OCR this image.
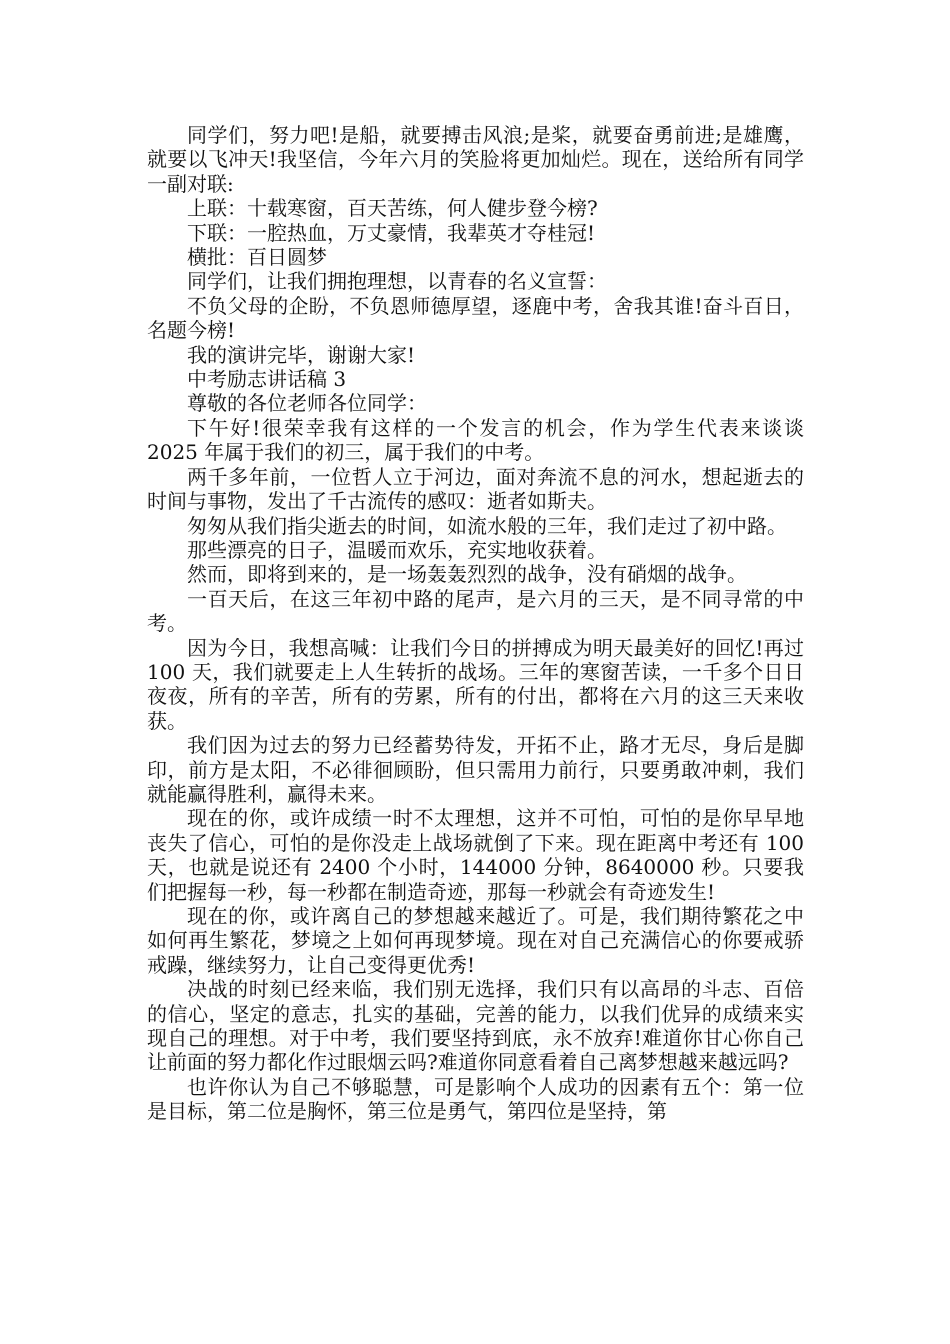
同学们，努力吧!是船，就要搏击风浪;是桨，就要奋勇前进;是雄鹰，就要以飞冲天!我坚信，今年六月的笑脸将更加灿烂。现在，送给所有同学一副对联:

上联：十载寒窗，百天苦练，何人健步登今榜?

下联：一腔热血，万丈豪情，我辈英才夺桂冠!

横批：百日圆梦

同学们，让我们拥抱理想，以青春的名义宣誓：

不负父母的企盼，不负恩师德厚望，逐鹿中考，舍我其谁!奋斗百日，名题今榜!

我的演讲完毕，谢谢大家!

中考励志讲话稿 3

尊敬的各位老师各位同学：

下午好!很荣幸我有这样的一个发言的机会，作为学生代表来谈谈 2025 年属于我们的初三，属于我们的中考。

两千多年前，一位哲人立于河边，面对奔流不息的河水，想起逝去的时间与事物，发出了千古流传的感叹：逝者如斯夫。

匆匆从我们指尖逝去的时间，如流水般的三年，我们走过了初中路。

那些漂亮的日子，温暖而欢乐，充实地收获着。

然而，即将到来的，是一场轰轰烈烈的战争，没有硝烟的战争。

一百天后，在这三年初中路的尾声，是六月的三天，是不同寻常的中考。

因为今日，我想高喊：让我们今日的拼搏成为明天最美好的回忆!再过 100 天，我们就要走上人生转折的战场。三年的寒窗苦读，一千多个日日夜夜，所有的辛苦，所有的劳累，所有的付出，都将在六月的这三天来收获。

我们因为过去的努力已经蓄势待发，开拓不止，路才无尽，身后是脚印，前方是太阳，不必徘徊顾盼，但只需用力前行，只要勇敢冲刺，我们就能赢得胜利，赢得未来。

现在的你，或许成绩一时不太理想，这并不可怕，可怕的是你早早地丧失了信心，可怕的是你没走上战场就倒了下来。现在距离中考还有 100 天，也就是说还有 2400 个小时，144000 分钟，8640000 秒。只要我们把握每一秒，每一秒都在制造奇迹，那每一秒就会有奇迹发生!

现在的你，或许离自己的梦想越来越近了。可是，我们期待繁花之中如何再生繁花，梦境之上如何再现梦境。现在对自己充满信心的你要戒骄戒躁，继续努力，让自己变得更优秀!

决战的时刻已经来临，我们别无选择，我们只有以高昂的斗志、百倍的信心，坚定的意志，扎实的基础，完善的能力，以我们优异的成绩来实现自己的理想。对于中考，我们要坚持到底，永不放弃!难道你甘心你自己让前面的努力都化作过眼烟云吗?难道你同意看着自己离梦想越来越远吗?

也许你认为自己不够聪慧，可是影响个人成功的因素有五个：第一位是目标，第二位是胸怀，第三位是勇气，第四位是坚持，第
